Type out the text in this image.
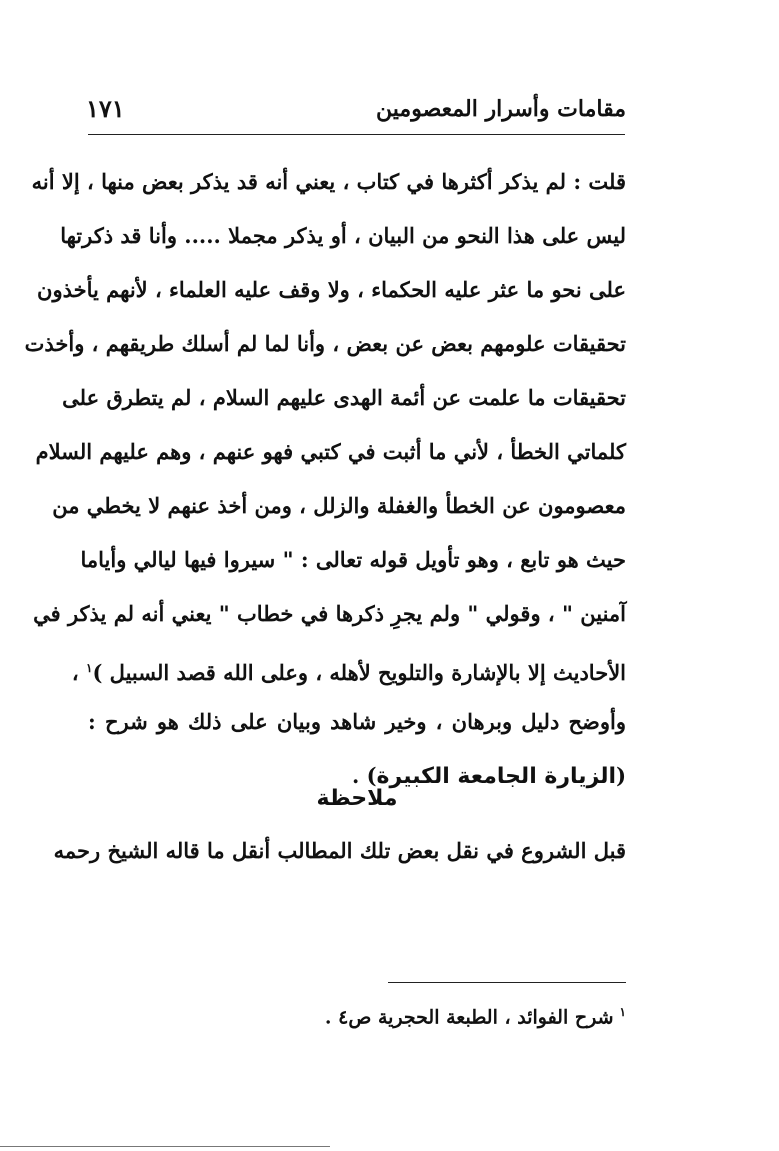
مقامات وأسرار المعصومين
١٧١
قلت : لم يذكر أكثرها في كتاب ، يعني أنه قد يذكر بعض منها ، إلا أنه
ليس على هذا النحو من البيان ، أو يذكر مجملا ..... وأنا قد ذكرتها
على نحو ما عثر عليه الحكماء ، ولا وقف عليه العلماء ، لأنهم يأخذون
تحقيقات علومهم بعض عن بعض ، وأنا لما لم أسلك طريقهم ، وأخذت
تحقيقات ما علمت عن أئمة الهدى عليهم السلام ، لم يتطرق على
كلماتي الخطأ ، لأني ما أثبت في كتبي فهو عنهم ، وهم عليهم السلام
معصومون عن الخطأ والغفلة والزلل ، ومن أخذ عنهم لا يخطي من
حيث هو تابع ، وهو تأويل قوله تعالى : " سيروا فيها ليالي وأياما
آمنين " ، وقولي " ولم يجرِ ذكرها في خطاب " يعني أنه لم يذكر في
الأحاديث إلا بالإشارة والتلويح لأهله ، وعلى الله قصد السبيل )$^١$ ،
وأوضح دليل وبرهان ، وخير شاهد وبيان على ذلك هو شرح :
(الزيارة الجامعة الكبيرة) .
ملاحظة
قبل الشروع في نقل بعض تلك المطالب أنقل ما قاله الشيخ رحمه
$^١$شرح الفوائد ، الطبعة الحجرية ص٤ .
